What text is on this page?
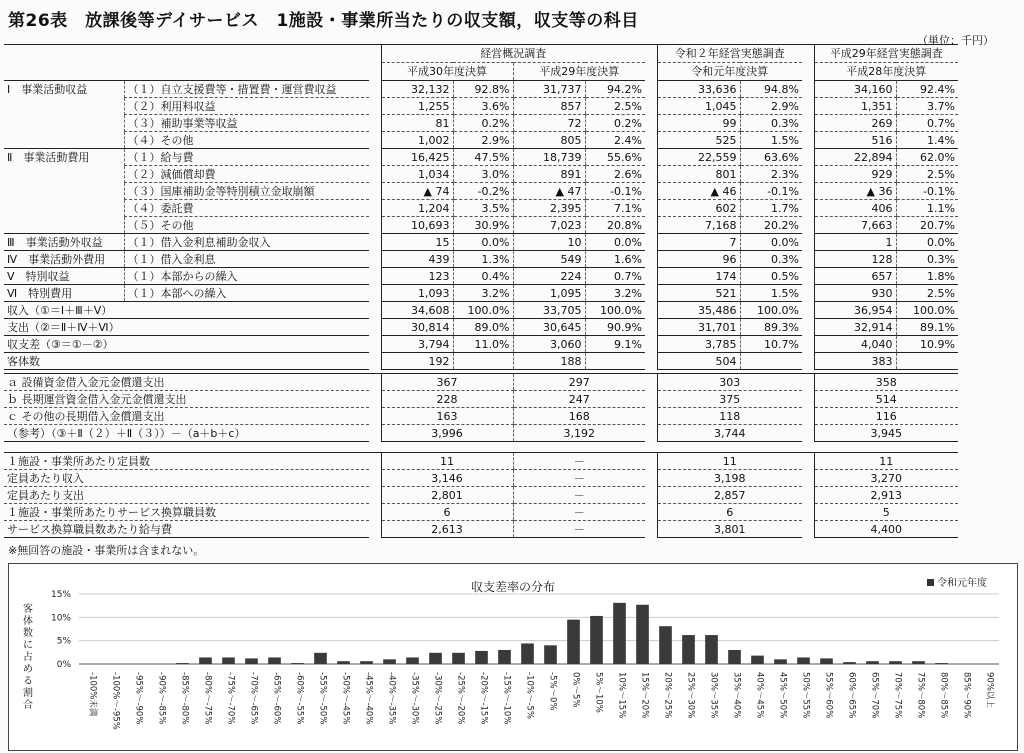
第26表　放課後等デイサービス　1施設・事業所当たりの収支額，収支等の科目
（単位：千円）
			経営概況調査					令和２年経営実態調査			平成29年経営実態調査	
			平成30年度決算		平成29年度決算			令和元年度決算			平成28年度決算	
Ⅰ　事業活動収益	（１）自立支援費等・措置費・運営費収益		32,132	92.8%	31,737	94.2%		33,636	94.8%		34,160	92.4%
	（２）利用料収益		1,255	3.6%	857	2.5%		1,045	2.9%		1,351	3.7%
	（３）補助事業等収益		81	0.2%	72	0.2%		99	0.3%		269	0.7%
	（４）その他		1,002	2.9%	805	2.4%		525	1.5%		516	1.4%
Ⅱ　事業活動費用	（１）給与費		16,425	47.5%	18,739	55.6%		22,559	63.6%		22,894	62.0%
	（２）減価償却費		1,034	3.0%	891	2.6%		801	2.3%		929	2.5%
	（３）国庫補助金等特別積立金取崩額		▲ 74	-0.2%	▲ 47	-0.1%		▲ 46	-0.1%		▲ 36	-0.1%
	（４）委託費		1,204	3.5%	2,395	7.1%		602	1.7%		406	1.1%
	（５）その他		10,693	30.9%	7,023	20.8%		7,168	20.2%		7,663	20.7%
Ⅲ　事業活動外収益	（１）借入金利息補助金収入		15	0.0%	10	0.0%		7	0.0%		1	0.0%
Ⅳ　事業活動外費用	（１）借入金利息		439	1.3%	549	1.6%		96	0.3%		128	0.3%
Ⅴ　特別収益	（１）本部からの繰入		123	0.4%	224	0.7%		174	0.5%		657	1.8%
Ⅵ　特別費用	（１）本部への繰入		1,093	3.2%	1,095	3.2%		521	1.5%		930	2.5%
収入（①＝Ⅰ＋Ⅲ＋Ⅴ）			34,608	100.0%	33,705	100.0%		35,486	100.0%		36,954	100.0%
支出（②＝Ⅱ＋Ⅳ＋Ⅵ）			30,814	89.0%	30,645	90.9%		31,701	89.3%		32,914	89.1%
収支差（③＝①－②）			3,794	11.0%	3,060	9.1%		3,785	10.7%		4,040	10.9%
客体数			192		188			504			383	
ａ 設備資金借入金元金償還支出		367	297		303		358
ｂ 長期運営資金借入金元金償還支出		228	247		375		514
ｃ その他の長期借入金償還支出		163	168		118		116
（参考）（③＋Ⅱ（２）＋Ⅱ（３））－（a＋b＋c）		3,996	3,192		3,744		3,945
１施設・事業所あたり定員数		11	－		11		11
定員あたり収入		3,146	－		3,198		3,270
定員あたり支出		2,801	－		2,857		2,913
１施設・事業所あたりサービス換算職員数		6	－		6		5
サービス換算職員数あたり給与費		2,613	－		3,801		4,400
※無回答の施設・事業所は含まれない。
収支差率の分布	令和元年度
客体数に占める割合
0%
5%
10%
15%
-100%未満 -100%～-95% -95%～-90% -90%～-85% -85%～-80% -80%～-75% -75%～-70% -70%～-65% -65%～-60% -60%～-55% -55%～-50% -50%～-45% -45%～-40% -40%～-35% -35%～-30% -30%～-25% -25%～-20% -20%～-15% -15%～-10% -10%～-5% -5%～0% 0%～5% 5%～10% 10%～15% 15%～20% 20%～25% 25%～30% 30%～35% 35%～40% 40%～45% 45%～50% 50%～55% 55%～60% 60%～65% 65%～70% 70%～75% 75%～80% 80%～85% 85%～90% 90%以上
